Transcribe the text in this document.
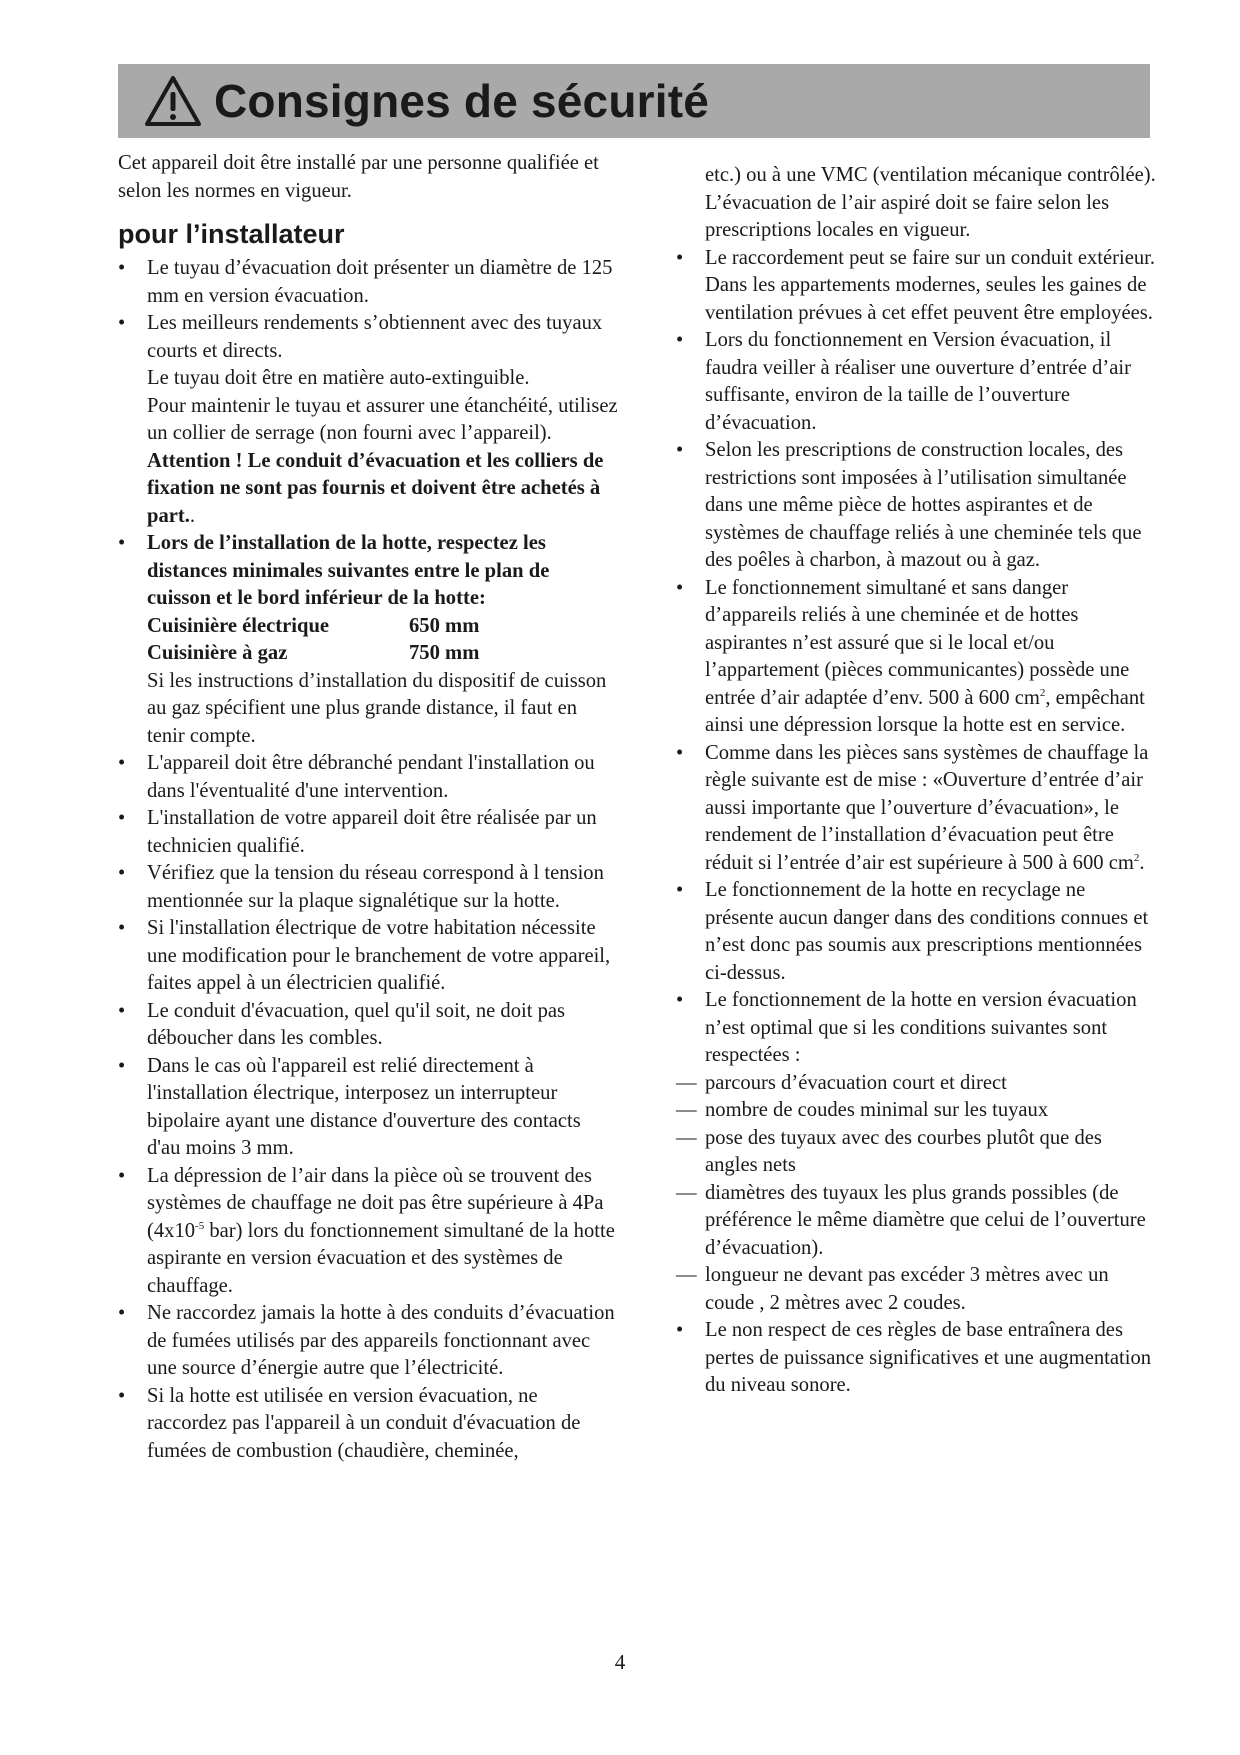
Consignes de sécurité

Cet appareil doit être installé par une personne qualifiée et selon les normes en vigueur.

pour l’installateur
• Le tuyau d’évacuation doit présenter un diamètre de 125 mm en version évacuation.
• Les meilleurs rendements s’obtiennent avec des tuyaux courts et directs.
Le tuyau doit être en matière auto-extinguible.
Pour maintenir le tuyau et assurer une étanchéité, utilisez un collier de serrage (non fourni avec l’appareil).
Attention ! Le conduit d’évacuation et les colliers de fixation ne sont pas fournis et doivent être achetés à part..
• Lors de l’installation de la hotte, respectez les distances minimales suivantes entre le plan de cuisson et le bord inférieur de la hotte:
Cuisinière électrique	650 mm
Cuisinière à gaz	750 mm
Si les instructions d’installation du dispositif de cuisson au gaz spécifient une plus grande distance, il faut en tenir compte.
• L'appareil doit être débranché pendant l'installation ou dans l'éventualité d'une intervention.
• L'installation de votre appareil doit être réalisée par un technicien qualifié.
• Vérifiez que la tension du réseau correspond à l tension mentionnée sur la plaque signalétique sur la hotte.
• Si l'installation électrique de votre habitation nécessite une modification pour le branchement de votre appareil, faites appel à un électricien qualifié.
• Le conduit d'évacuation, quel qu'il soit, ne doit pas déboucher dans les combles.
• Dans le cas où l'appareil est relié directement à l'installation électrique, interposez un interrupteur bipolaire ayant une distance d'ouverture des contacts d'au moins 3 mm.
• La dépression de l’air dans la pièce où se trouvent des systèmes de chauffage ne doit pas être supérieure à 4Pa ($4x10^{-5}$ bar) lors du fonctionnement simultané de la hotte aspirante en version évacuation et des systèmes de chauffage.
• Ne raccordez jamais la hotte à des conduits d’évacuation de fumées utilisés par des appareils fonctionnant avec une source d’énergie autre que l’électricité.
• Si la hotte est utilisée en version évacuation, ne raccordez pas l'appareil à un conduit d'évacuation de fumées de combustion (chaudière, cheminée,
etc.) ou à une VMC (ventilation mécanique contrôlée).
L’évacuation de l’air aspiré doit se faire selon les prescriptions locales en vigueur.
• Le raccordement peut se faire sur un conduit extérieur. Dans les appartements modernes, seules les gaines de ventilation prévues à cet effet peuvent être employées.
• Lors du fonctionnement en Version évacuation, il faudra veiller à réaliser une ouverture d’entrée d’air suffisante, environ de la taille de l’ouverture d’évacuation.
• Selon les prescriptions de construction locales, des restrictions sont imposées à l’utilisation simultanée dans une même pièce de hottes aspirantes et de systèmes de chauffage reliés à une cheminée tels que des poêles à charbon, à mazout ou à gaz.
• Le fonctionnement simultané et sans danger d’appareils reliés à une cheminée et de hottes aspirantes n’est assuré que si le local et/ou l’appartement (pièces communicantes) possède une entrée d’air adaptée d’env. 500 à 600 $cm^2$, empêchant ainsi une dépression lorsque la hotte est en service.
• Comme dans les pièces sans systèmes de chauffage la règle suivante est de mise : «Ouverture d’entrée d’air aussi importante que l’ouverture d’évacuation», le rendement de l’installation d’évacuation peut être réduit si l’entrée d’air est supérieure à 500 à 600 $cm^2$.
• Le fonctionnement de la hotte en recyclage ne présente aucun danger dans des conditions connues et n’est donc pas soumis aux prescriptions mentionnées ci-dessus.
• Le fonctionnement de la hotte en version évacuation n’est optimal que si les conditions suivantes sont respectées :
— parcours d’évacuation court et direct
— nombre de coudes minimal sur les tuyaux
— pose des tuyaux avec des courbes plutôt que des angles nets
— diamètres des tuyaux les plus grands possibles (de préférence le même diamètre que celui de l’ouverture d’évacuation).
— longueur ne devant pas excéder 3 mètres avec un coude , 2 mètres avec 2 coudes.
• Le non respect de ces règles de base entraînera des pertes de puissance significatives et une augmentation du niveau sonore.
4
